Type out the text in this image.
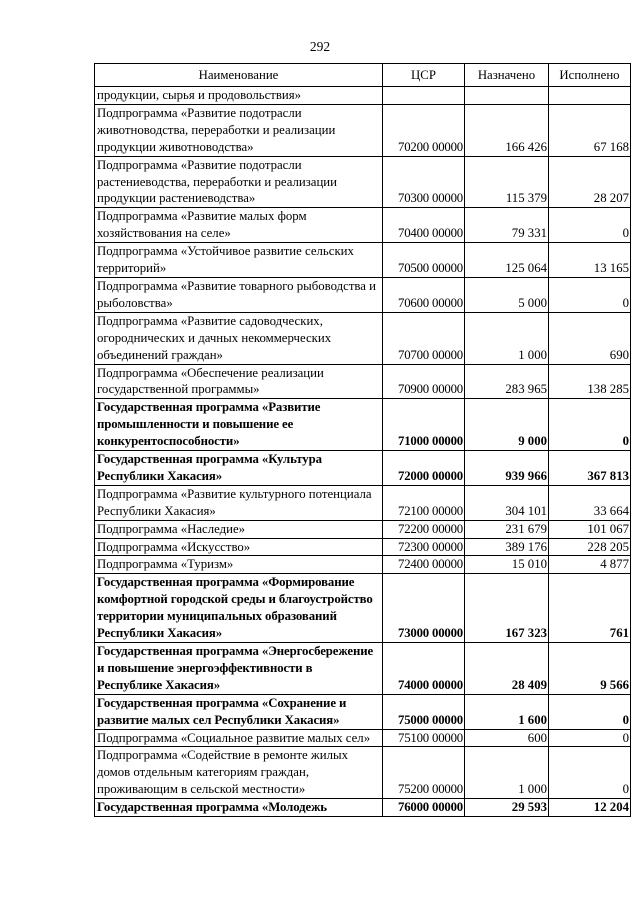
292
Наименование	ЦСР	Назначено	Исполнено
продукции, сырья и продовольствия»			
Подпрограмма «Развитие подотрасли животноводства, переработки и реализации продукции животноводства»	70200 00000	166 426	67 168
Подпрограмма «Развитие подотрасли растениеводства, переработки и реализации продукции растениеводства»	70300 00000	115 379	28 207
Подпрограмма «Развитие малых форм хозяйствования на селе»	70400 00000	79 331	0
Подпрограмма «Устойчивое развитие сельских территорий»	70500 00000	125 064	13 165
Подпрограмма «Развитие товарного рыбоводства и рыболовства»	70600 00000	5 000	0
Подпрограмма «Развитие садоводческих, огороднических и дачных некоммерческих объединений граждан»	70700 00000	1 000	690
Подпрограмма «Обеспечение реализации государственной программы»	70900 00000	283 965	138 285
Государственная программа «Развитие промышленности и повышение ее конкурентоспособности»	71000 00000	9 000	0
Государственная программа «Культура Республики Хакасия»	72000 00000	939 966	367 813
Подпрограмма «Развитие культурного потенциала Республики Хакасия»	72100 00000	304 101	33 664
Подпрограмма «Наследие»	72200 00000	231 679	101 067
Подпрограмма «Искусство»	72300 00000	389 176	228 205
Подпрограмма «Туризм»	72400 00000	15 010	4 877
Государственная программа «Формирование комфортной городской среды и благоустройство территории муниципальных образований Республики Хакасия»	73000 00000	167 323	761
Государственная программа «Энергосбережение и повышение энергоэффективности в Республике Хакасия»	74000 00000	28 409	9 566
Государственная программа «Сохранение и развитие малых сел Республики Хакасия»	75000 00000	1 600	0
Подпрограмма «Социальное развитие малых сел»	75100 00000	600	0
Подпрограмма «Содействие в ремонте жилых домов отдельным категориям граждан, проживающим в сельской местности»	75200 00000	1 000	0
Государственная программа «Молодежь	76000 00000	29 593	12 204
